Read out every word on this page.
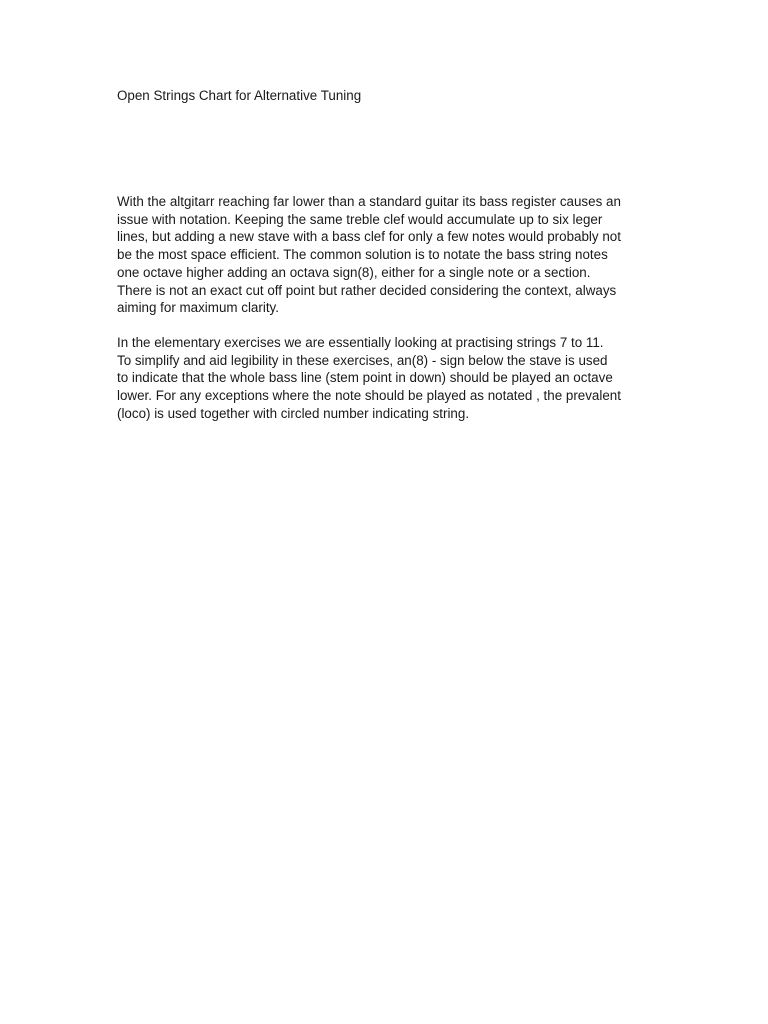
Open Strings Chart for Alternative Tuning

With the altgitarr reaching far lower than a standard guitar its bass register causes an
issue with notation. Keeping the same treble clef would accumulate up to six leger
lines, but adding a new stave with a bass clef for only a few notes would probably not
be the most space efficient. The common solution is to notate the bass string notes
one octave higher adding an octava sign(8), either for a single note or a section.
There is not an exact cut off point but rather decided considering the context, always
aiming for maximum clarity.

In the elementary exercises we are essentially looking at practising strings 7 to 11.
To simplify and aid legibility in these exercises, an(8) - sign below the stave is used
to indicate that the whole bass line (stem point in down) should be played an octave
lower. For any exceptions where the note should be played as notated , the prevalent
(loco) is used together with circled number indicating string.
